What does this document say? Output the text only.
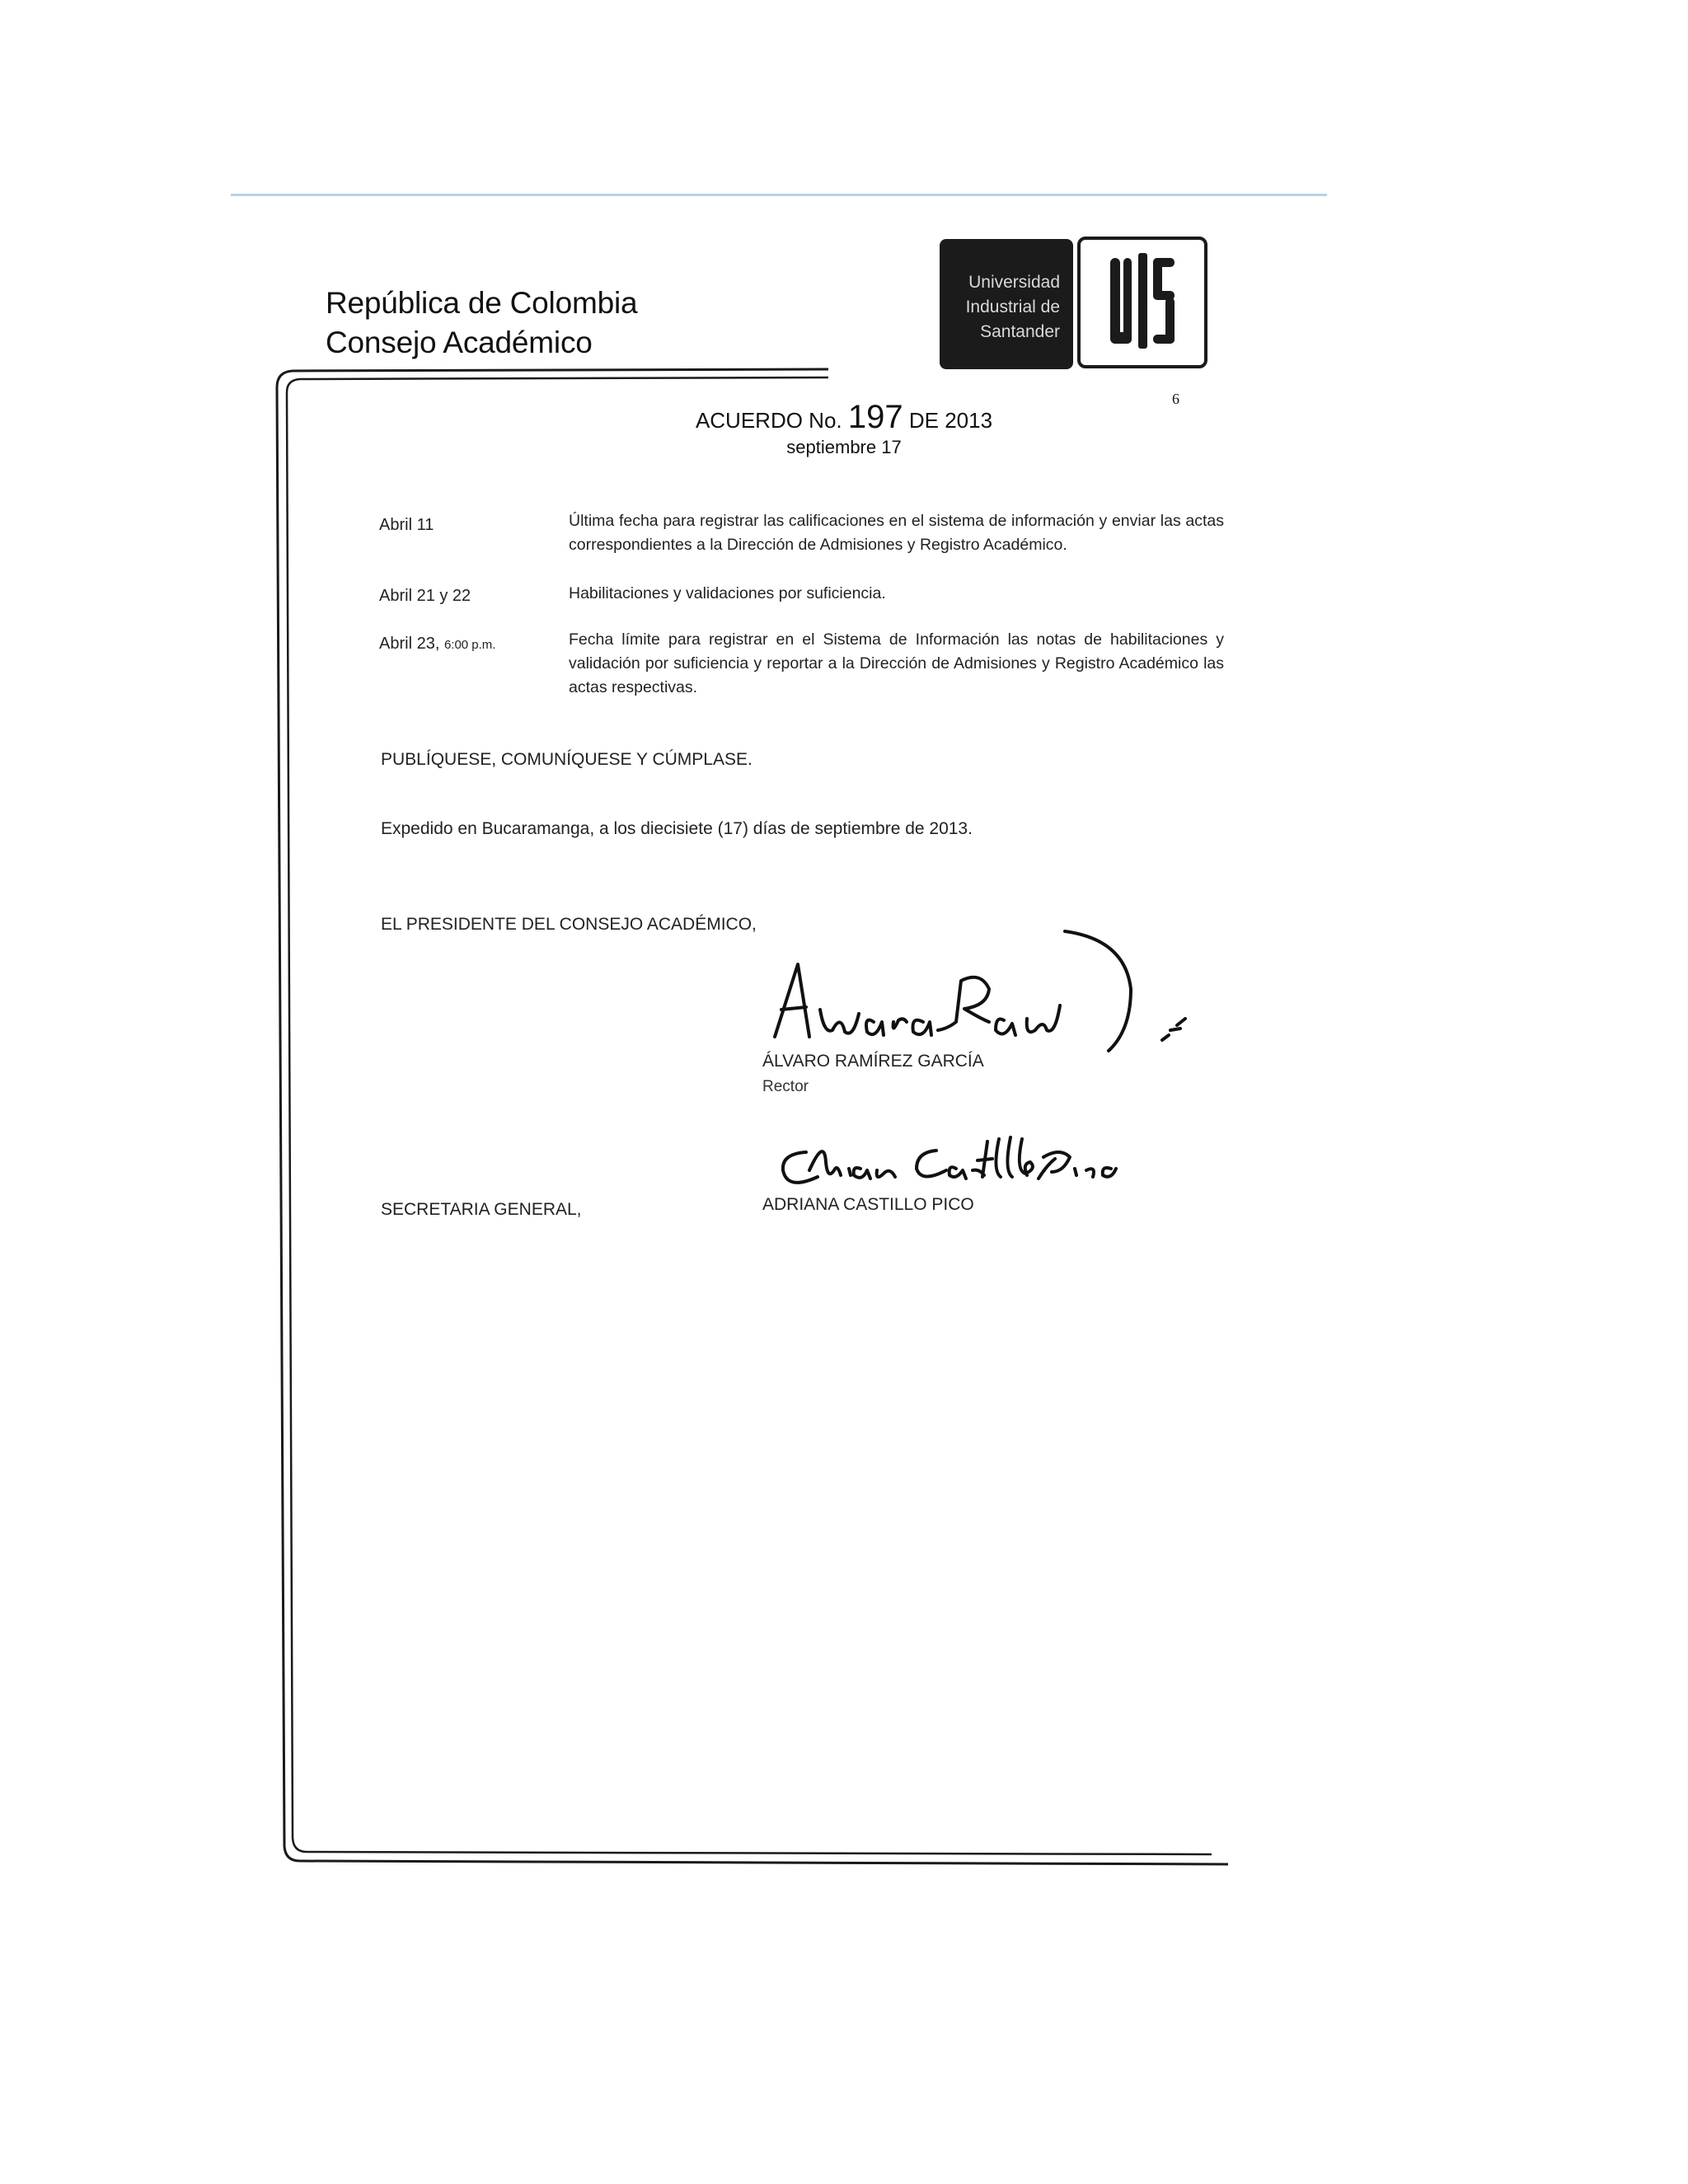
República de Colombia
Consejo Académico
Universidad
Industrial de
Santander
6
ACUERDO No. 197 DE 2013
septiembre 17
Abril 11	Última fecha para registrar las calificaciones en el sistema de información y enviar las actas correspondientes a la Dirección de Admisiones y Registro Académico.
Abril 21 y 22	Habilitaciones y validaciones por suficiencia.
Abril 23, 6:00 p.m.	Fecha límite para registrar en el Sistema de Información las notas de habilitaciones y validación por suficiencia y reportar a la Dirección de Admisiones y Registro Académico las actas respectivas.
PUBLÍQUESE, COMUNÍQUESE Y CÚMPLASE.
Expedido en Bucaramanga, a los diecisiete (17) días de septiembre de 2013.
EL PRESIDENTE DEL CONSEJO ACADÉMICO,
ÁLVARO RAMÍREZ GARCÍA
Rector
SECRETARIA GENERAL,	ADRIANA CASTILLO PICO
